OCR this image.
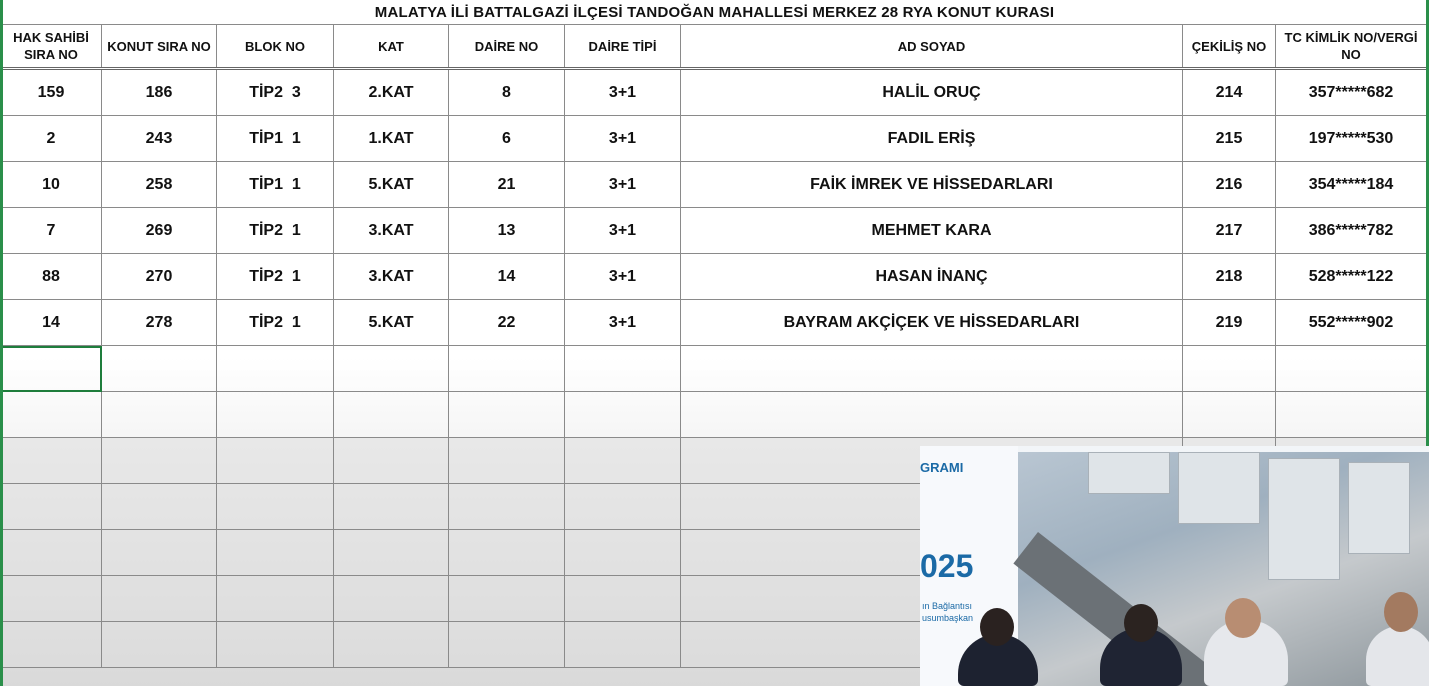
MALATYA İLİ BATTALGAZİ İLÇESİ TANDOĞAN MAHALLESİ MERKEZ 28 RYA KONUT KURASI
HAK SAHİBİ SIRA NO	KONUT SIRA NO	BLOK NO	KAT	DAİRE NO	DAİRE TİPİ	AD SOYAD	ÇEKİLİŞ NO	TC KİMLİK NO/VERGİ NO
159	186	TİP2  3	2.KAT	8	3+1	HALİL ORUÇ	214	357*****682
2	243	TİP1  1	1.KAT	6	3+1	FADIL ERİŞ	215	197*****530
10	258	TİP1  1	5.KAT	21	3+1	FAİK İMREK VE HİSSEDARLARI	216	354*****184
7	269	TİP2  1	3.KAT	13	3+1	MEHMET KARA	217	386*****782
88	270	TİP2  1	3.KAT	14	3+1	HASAN İNANÇ	218	528*****122
14	278	TİP2  1	5.KAT	22	3+1	BAYRAM AKÇİÇEK VE HİSSEDARLARI	219	552*****902

GRAMI
025
ın Bağlantısı
usumbaşkan
